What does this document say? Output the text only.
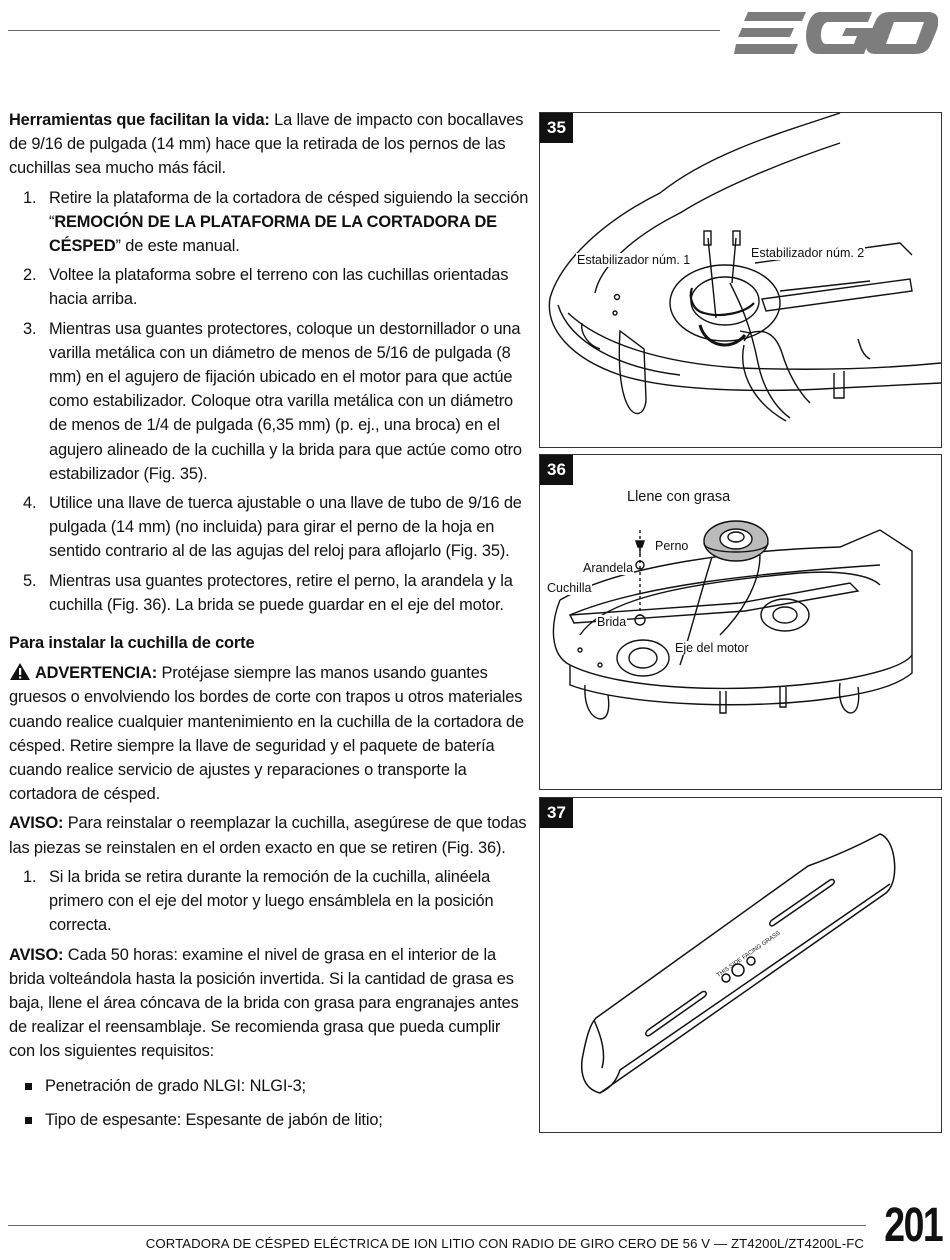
Herramientas que facilitan la vida: La llave de impacto con bocallaves de 9/16 de pulgada (14 mm) hace que la retirada de los pernos de las cuchillas sea mucho más fácil.

1. Retire la plataforma de la cortadora de césped siguiendo la sección “REMOCIÓN DE LA PLATAFORMA DE LA CORTADORA DE CÉSPED” de este manual.
2. Voltee la plataforma sobre el terreno con las cuchillas orientadas hacia arriba.
3. Mientras usa guantes protectores, coloque un destornillador o una varilla metálica con un diámetro de menos de 5/16 de pulgada (8 mm) en el agujero de fijación ubicado en el motor para que actúe como estabilizador. Coloque otra varilla metálica con un diámetro de menos de 1/4 de pulgada (6,35 mm) (p. ej., una broca) en el agujero alineado de la cuchilla y la brida para que actúe como otro estabilizador (Fig. 35).
4. Utilice una llave de tuerca ajustable o una llave de tubo de 9/16 de pulgada (14 mm) (no incluida) para girar el perno de la hoja en sentido contrario al de las agujas del reloj para aflojarlo (Fig. 35).
5. Mientras usa guantes protectores, retire el perno, la arandela y la cuchilla (Fig. 36). La brida se puede guardar en el eje del motor.
Para instalar la cuchilla de corte

ADVERTENCIA: Protéjase siempre las manos usando guantes gruesos o envolviendo los bordes de corte con trapos u otros materiales cuando realice cualquier mantenimiento en la cuchilla de la cortadora de césped. Retire siempre la llave de seguridad y el paquete de batería cuando realice servicio de ajustes y reparaciones o transporte la cortadora de césped.

AVISO: Para reinstalar o reemplazar la cuchilla, asegúrese de que todas las piezas se reinstalen en el orden exacto en que se retiren (Fig. 36).

1. Si la brida se retira durante la remoción de la cuchilla, alinéela primero con el eje del motor y luego ensámblela en la posición correcta.

AVISO: Cada 50 horas: examine el nivel de grasa en el interior de la brida volteándola hasta la posición invertida. Si la cantidad de grasa es baja, llene el área cóncava de la brida con grasa para engranajes antes de realizar el reensamblaje. Se recomienda grasa que pueda cumplir con los siguientes requisitos:

Penetración de grado NLGI: NLGI-3;
Tipo de espesante: Espesante de jabón de litio;
35
Estabilizador núm. 1	Estabilizador núm. 2
36
Llene con grasa
Perno
Arandela
Cuchilla
Brida
Eje del motor
37
THIS SIDE FACING GRASS
CORTADORA DE CÉSPED ELÉCTRICA DE ION LITIO CON RADIO DE GIRO CERO DE 56 V — ZT4200L/ZT4200L-FC 201
